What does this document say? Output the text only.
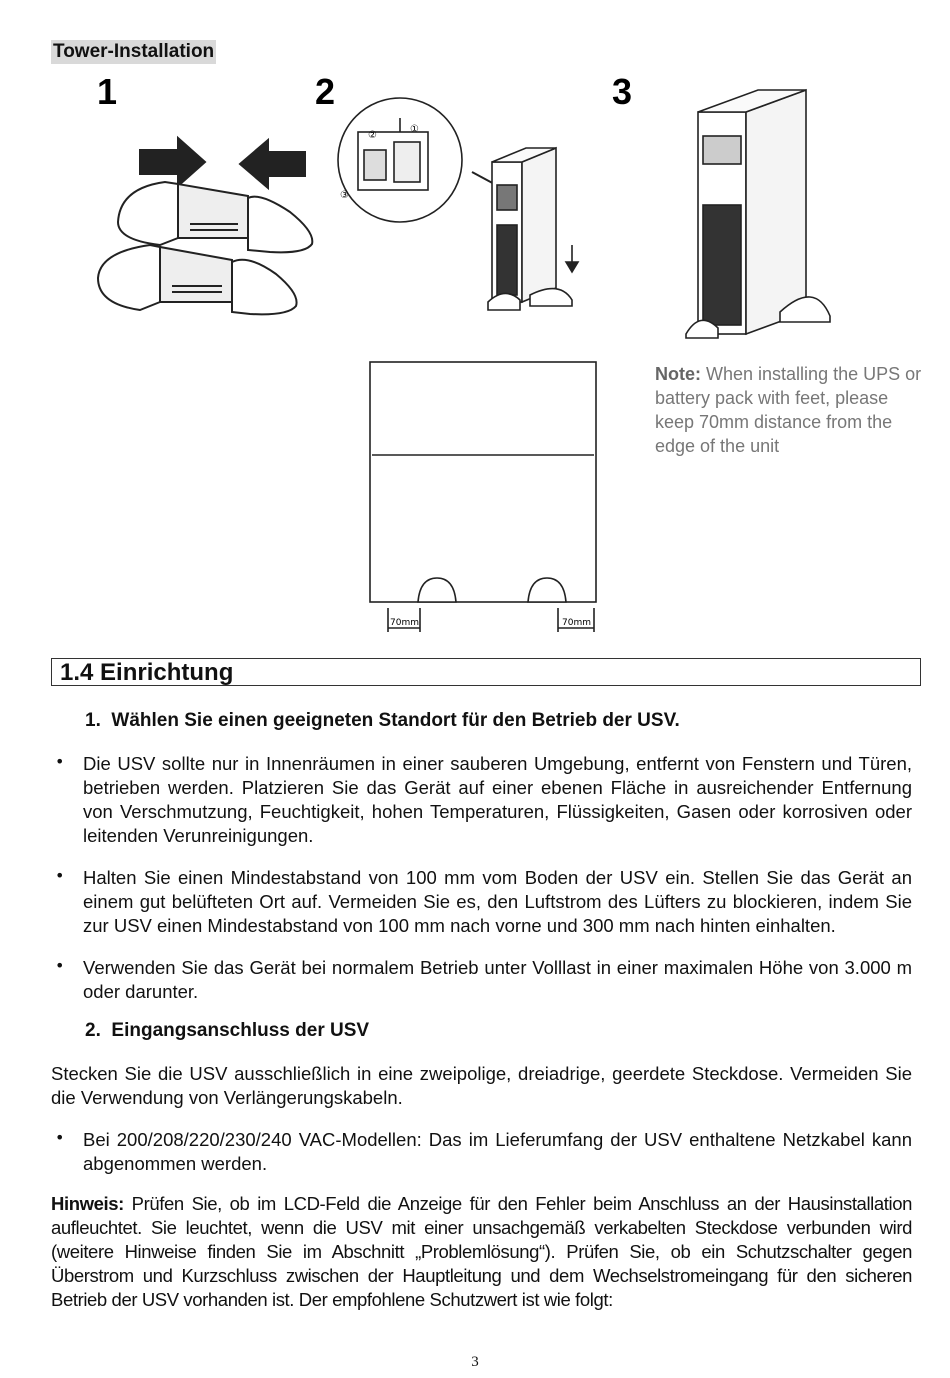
Tower-Installation
1	2	3
②
①
③
70mm	70mm
Note: When installing the UPS or battery pack with feet, please keep 70mm distance from the edge of the unit
1.4 Einrichtung
1. Wählen Sie einen geeigneten Standort für den Betrieb der USV.
• Die USV sollte nur in Innenräumen in einer sauberen Umgebung, entfernt von Fenstern und Türen, betrieben werden. Platzieren Sie das Gerät auf einer ebenen Fläche in ausreichender Entfernung von Verschmutzung, Feuchtigkeit, hohen Temperaturen, Flüssigkeiten, Gasen oder korrosiven oder leitenden Verunreinigungen.
• Halten Sie einen Mindestabstand von 100 mm vom Boden der USV ein. Stellen Sie das Gerät an einem gut belüfteten Ort auf. Vermeiden Sie es, den Luftstrom des Lüfters zu blockieren, indem Sie zur USV einen Mindestabstand von 100 mm nach vorne und 300 mm nach hinten einhalten.
• Verwenden Sie das Gerät bei normalem Betrieb unter Volllast in einer maximalen Höhe von 3.000 m oder darunter.
2. Eingangsanschluss der USV
Stecken Sie die USV ausschließlich in eine zweipolige, dreiadrige, geerdete Steckdose. Vermeiden Sie die Verwendung von Verlängerungskabeln.
• Bei 200/208/220/230/240 VAC-Modellen: Das im Lieferumfang der USV enthaltene Netzkabel kann abgenommen werden.
Hinweis: Prüfen Sie, ob im LCD-Feld die Anzeige für den Fehler beim Anschluss an der Hausinstallation aufleuchtet. Sie leuchtet, wenn die USV mit einer unsachgemäß verkabelten Steckdose verbunden wird (weitere Hinweise finden Sie im Abschnitt „Problemlösung“). Prüfen Sie, ob ein Schutzschalter gegen Überstrom und Kurzschluss zwischen der Hauptleitung und dem Wechselstromeingang für den sicheren Betrieb der USV vorhanden ist. Der empfohlene Schutzwert ist wie folgt:
3
